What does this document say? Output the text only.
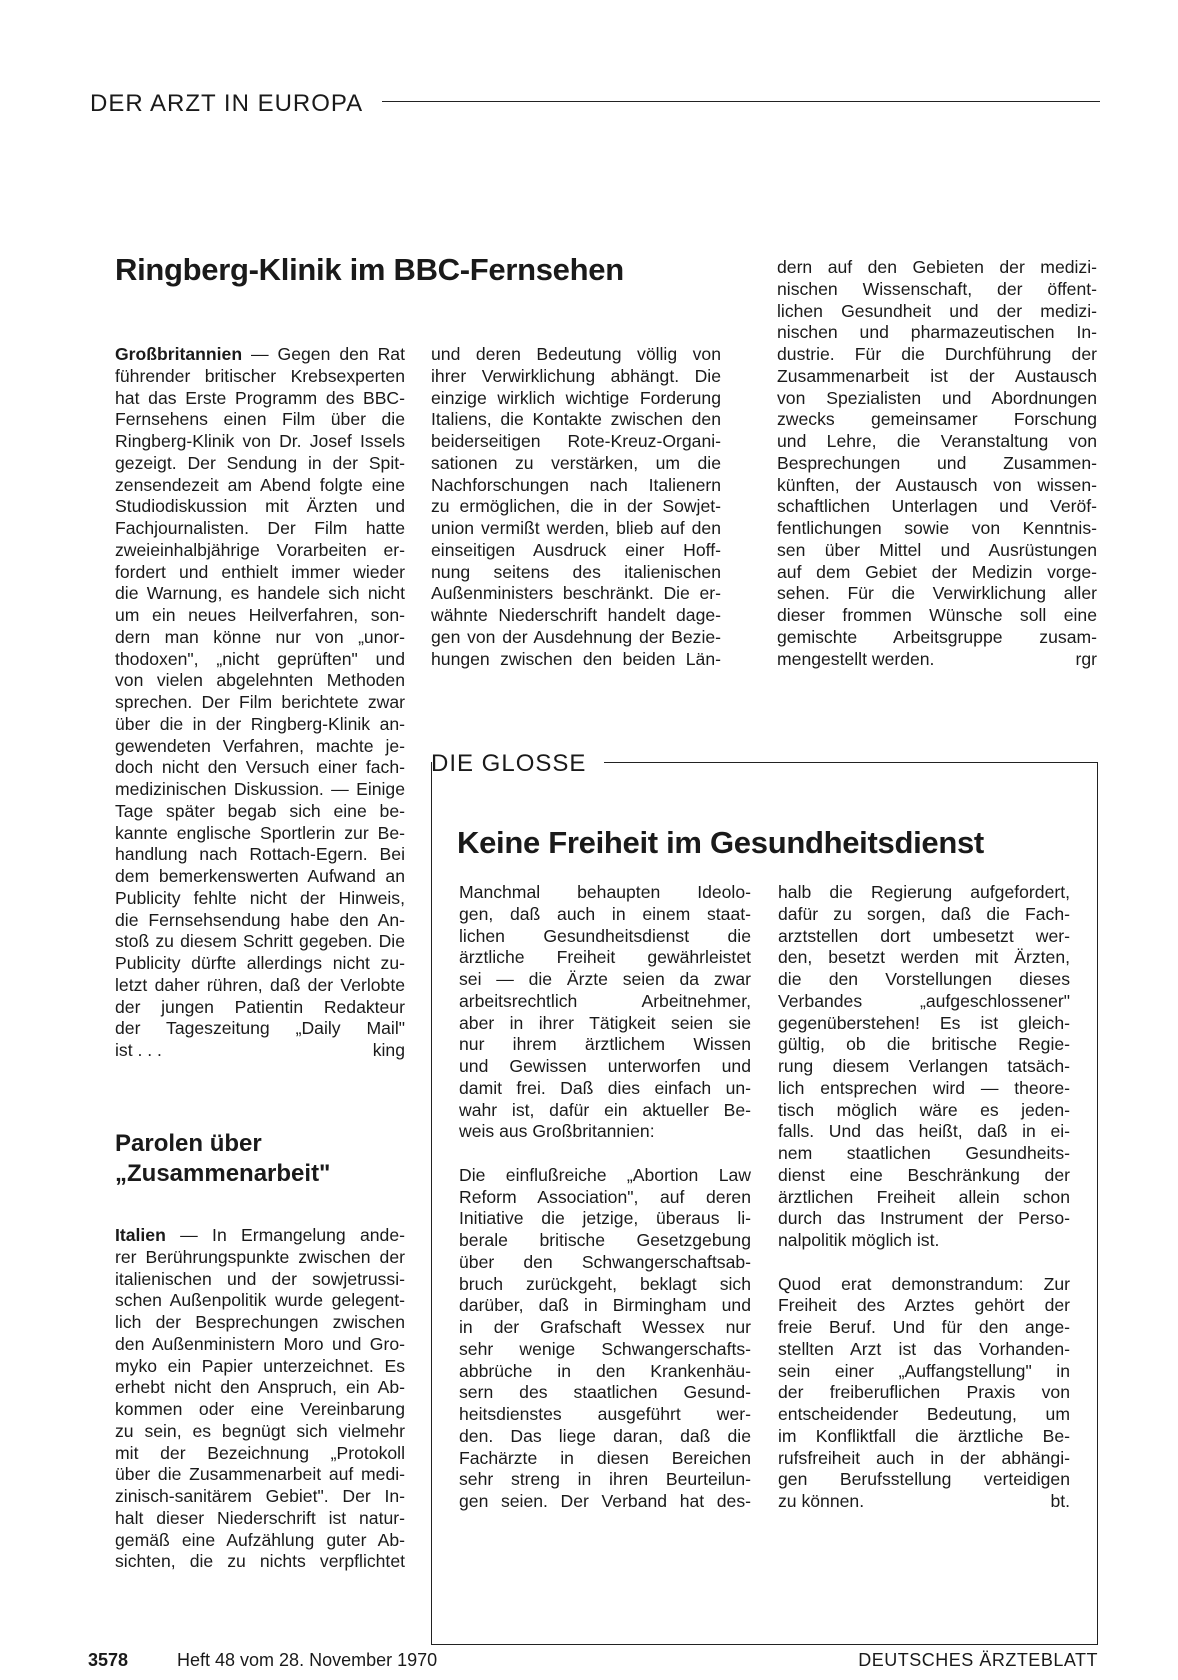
DER ARZT IN EUROPA
Ringberg-Klinik im BBC-Fernsehen
Großbritannien — Gegen den Rat
führender britischer Krebsexperten
hat das Erste Programm des BBC-
Fernsehens einen Film über die
Ringberg-Klinik von Dr. Josef Issels
gezeigt. Der Sendung in der Spit-
zensendezeit am Abend folgte eine
Studiodiskussion mit Ärzten und
Fachjournalisten. Der Film hatte
zweieinhalbjährige Vorarbeiten er-
fordert und enthielt immer wieder
die Warnung, es handele sich nicht
um ein neues Heilverfahren, son-
dern man könne nur von „unor-
thodoxen", „nicht geprüften" und
von vielen abgelehnten Methoden
sprechen. Der Film berichtete zwar
über die in der Ringberg-Klinik an-
gewendeten Verfahren, machte je-
doch nicht den Versuch einer fach-
medizinischen Diskussion. — Einige
Tage später begab sich eine be-
kannte englische Sportlerin zur Be-
handlung nach Rottach-Egern. Bei
dem bemerkenswerten Aufwand an
Publicity fehlte nicht der Hinweis,
die Fernsehsendung habe den An-
stoß zu diesem Schritt gegeben. Die
Publicity dürfte allerdings nicht zu-
letzt daher rühren, daß der Verlobte
der jungen Patientin Redakteur
der Tageszeitung „Daily Mail"
ist . . .	king
Parolen über
„Zusammenarbeit"
Italien — In Ermangelung ande-
rer Berührungspunkte zwischen der
italienischen und der sowjetrussi-
schen Außenpolitik wurde gelegent-
lich der Besprechungen zwischen
den Außenministern Moro und Gro-
myko ein Papier unterzeichnet. Es
erhebt nicht den Anspruch, ein Ab-
kommen oder eine Vereinbarung
zu sein, es begnügt sich vielmehr
mit der Bezeichnung „Protokoll
über die Zusammenarbeit auf medi-
zinisch-sanitärem Gebiet". Der In-
halt dieser Niederschrift ist natur-
gemäß eine Aufzählung guter Ab-
sichten, die zu nichts verpflichtet
und deren Bedeutung völlig von
ihrer Verwirklichung abhängt. Die
einzige wirklich wichtige Forderung
Italiens, die Kontakte zwischen den
beiderseitigen Rote-Kreuz-Organi-
sationen zu verstärken, um die
Nachforschungen nach Italienern
zu ermöglichen, die in der Sowjet-
union vermißt werden, blieb auf den
einseitigen Ausdruck einer Hoff-
nung seitens des italienischen
Außenministers beschränkt. Die er-
wähnte Niederschrift handelt dage-
gen von der Ausdehnung der Bezie-
hungen zwischen den beiden Län-
dern auf den Gebieten der medizi-
nischen Wissenschaft, der öffent-
lichen Gesundheit und der medizi-
nischen und pharmazeutischen In-
dustrie. Für die Durchführung der
Zusammenarbeit ist der Austausch
von Spezialisten und Abordnungen
zwecks gemeinsamer Forschung
und Lehre, die Veranstaltung von
Besprechungen und Zusammen-
künften, der Austausch von wissen-
schaftlichen Unterlagen und Veröf-
fentlichungen sowie von Kenntnis-
sen über Mittel und Ausrüstungen
auf dem Gebiet der Medizin vorge-
sehen. Für die Verwirklichung aller
dieser frommen Wünsche soll eine
gemischte Arbeitsgruppe zusam-
mengestellt werden.	rgr
DIE GLOSSE
Keine Freiheit im Gesundheitsdienst
Manchmal behaupten Ideolo-
gen, daß auch in einem staat-
lichen Gesundheitsdienst die
ärztliche Freiheit gewährleistet
sei — die Ärzte seien da zwar
arbeitsrechtlich Arbeitnehmer,
aber in ihrer Tätigkeit seien sie
nur ihrem ärztlichem Wissen
und Gewissen unterworfen und
damit frei. Daß dies einfach un-
wahr ist, dafür ein aktueller Be-
weis aus Großbritannien:
Die einflußreiche „Abortion Law
Reform Association", auf deren
Initiative die jetzige, überaus li-
berale britische Gesetzgebung
über den Schwangerschaftsab-
bruch zurückgeht, beklagt sich
darüber, daß in Birmingham und
in der Grafschaft Wessex nur
sehr wenige Schwangerschafts-
abbrüche in den Krankenhäu-
sern des staatlichen Gesund-
heitsdienstes ausgeführt wer-
den. Das liege daran, daß die
Fachärzte in diesen Bereichen
sehr streng in ihren Beurteilun-
gen seien. Der Verband hat des-
halb die Regierung aufgefordert,
dafür zu sorgen, daß die Fach-
arztstellen dort umbesetzt wer-
den, besetzt werden mit Ärzten,
die den Vorstellungen dieses
Verbandes „aufgeschlossener"
gegenüberstehen! Es ist gleich-
gültig, ob die britische Regie-
rung diesem Verlangen tatsäch-
lich entsprechen wird — theore-
tisch möglich wäre es jeden-
falls. Und das heißt, daß in ei-
nem staatlichen Gesundheits-
dienst eine Beschränkung der
ärztlichen Freiheit allein schon
durch das Instrument der Perso-
nalpolitik möglich ist.
Quod erat demonstrandum: Zur
Freiheit des Arztes gehört der
freie Beruf. Und für den ange-
stellten Arzt ist das Vorhanden-
sein einer „Auffangstellung" in
der freiberuflichen Praxis von
entscheidender Bedeutung, um
im Konfliktfall die ärztliche Be-
rufsfreiheit auch in der abhängi-
gen Berufsstellung verteidigen
zu können.	bt.
3578	Heft 48 vom 28. November 1970	DEUTSCHES ÄRZTEBLATT
